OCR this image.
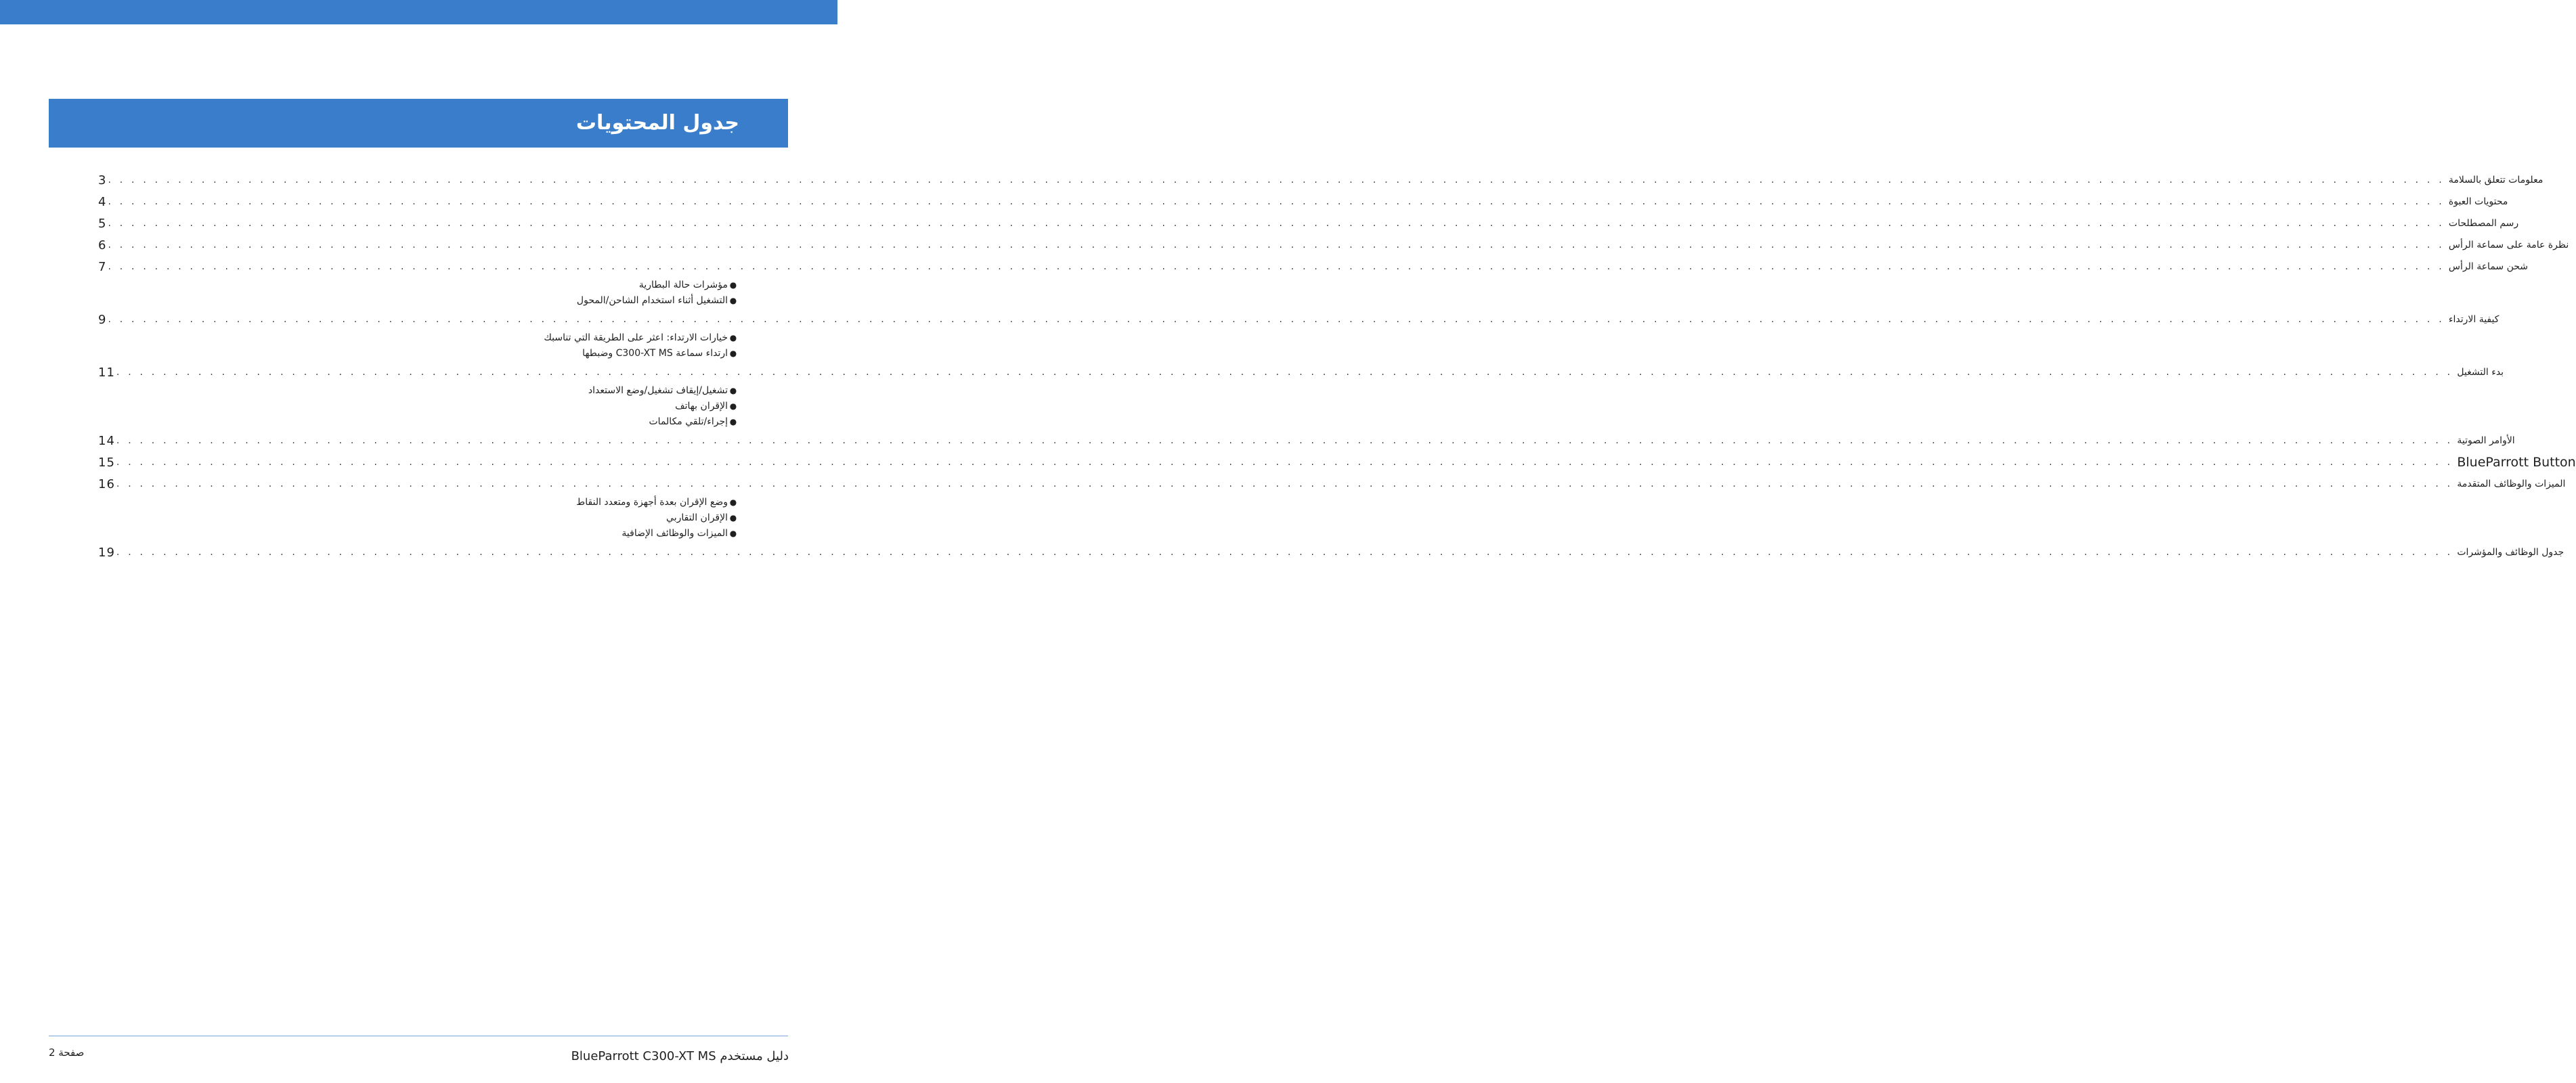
جدول المحتويات
3 . . . . . . . . . . . . . . . . . . . . . . . . . . . . . . . . . . . . . . . . . . . . . . . . . . . . . . . . . . . . . . . . . . . . . . . . . . . . . . . . . . . . . . . . . . . . . . . . . . . . . . . . . . . . . . . . . . . . . . . . . . . . . . . . . . . . . . . . . . . . . . . . . . . . . . . . . . . . . . . . . . . . . . . . . . . . . . . . . . . . . . . . . . . . . . . . . . . . . . . . معلومات تتعلق بالسلامة
4 . . . . . . . . . . . . . . . . . . . . . . . . . . . . . . . . . . . . . . . . . . . . . . . . . . . . . . . . . . . . . . . . . . . . . . . . . . . . . . . . . . . . . . . . . . . . . . . . . . . . . . . . . . . . . . . . . . . . . . . . . . . . . . . . . . . . . . . . . . . . . . . . . . . . . . . . . . . . . . . . . . . . . . . . . . . . . . . . . . . . . . . . . . . . . . . . . . . . . . . . محتويات العبوة
5 . . . . . . . . . . . . . . . . . . . . . . . . . . . . . . . . . . . . . . . . . . . . . . . . . . . . . . . . . . . . . . . . . . . . . . . . . . . . . . . . . . . . . . . . . . . . . . . . . . . . . . . . . . . . . . . . . . . . . . . . . . . . . . . . . . . . . . . . . . . . . . . . . . . . . . . . . . . . . . . . . . . . . . . . . . . . . . . . . . . . . . . . . . . . . . . . . . . . . . . . رسم المصطلحات
6 . . . . . . . . . . . . . . . . . . . . . . . . . . . . . . . . . . . . . . . . . . . . . . . . . . . . . . . . . . . . . . . . . . . . . . . . . . . . . . . . . . . . . . . . . . . . . . . . . . . . . . . . . . . . . . . . . . . . . . . . . . . . . . . . . . . . . . . . . . . . . . . . . . . . . . . . . . . . . . . . . . . . . . . . . . . . . . . . . . . . . . . . . . . . . . . . . . . . . . . . نظرة عامة على سماعة الرأس
7 . . . . . . . . . . . . . . . . . . . . . . . . . . . . . . . . . . . . . . . . . . . . . . . . . . . . . . . . . . . . . . . . . . . . . . . . . . . . . . . . . . . . . . . . . . . . . . . . . . . . . . . . . . . . . . . . . . . . . . . . . . . . . . . . . . . . . . . . . . . . . . . . . . . . . . . . . . . . . . . . . . . . . . . . . . . . . . . . . . . . . . . . . . . . . . . . . . . . . . . . شحن سماعة الرأس
●مؤشرات حالة البطارية
●التشغيل أثناء استخدام الشاحن/المحول
9 . . . . . . . . . . . . . . . . . . . . . . . . . . . . . . . . . . . . . . . . . . . . . . . . . . . . . . . . . . . . . . . . . . . . . . . . . . . . . . . . . . . . . . . . . . . . . . . . . . . . . . . . . . . . . . . . . . . . . . . . . . . . . . . . . . . . . . . . . . . . . . . . . . . . . . . . . . . . . . . . . . . . . . . . . . . . . . . . . . . . . . . . . . . . . . . . . . . . . . . . كيفية الارتداء
●خيارات الارتداء: اعثر على الطريقة التي تناسبك
●ارتداء سماعة C300-XT MS وضبطها
11 . . . . . . . . . . . . . . . . . . . . . . . . . . . . . . . . . . . . . . . . . . . . . . . . . . . . . . . . . . . . . . . . . . . . . . . . . . . . . . . . . . . . . . . . . . . . . . . . . . . . . . . . . . . . . . . . . . . . . . . . . . . . . . . . . . . . . . . . . . . . . . . . . . . . . . . . . . . . . . . . . . . . . . . . . . . . . . . . . . . . . . . . . . . . . . . . . . . . . . . . بدء التشغيل
●تشغيل/إيقاف تشغيل/وضع الاستعداد
●الإقران بهاتف
●إجراء/تلقي مكالمات
14 . . . . . . . . . . . . . . . . . . . . . . . . . . . . . . . . . . . . . . . . . . . . . . . . . . . . . . . . . . . . . . . . . . . . . . . . . . . . . . . . . . . . . . . . . . . . . . . . . . . . . . . . . . . . . . . . . . . . . . . . . . . . . . . . . . . . . . . . . . . . . . . . . . . . . . . . . . . . . . . . . . . . . . . . . . . . . . . . . . . . . . . . . . . . . . . . . . . . . . . . الأوامر الصوتية
15 . . . . . . . . . . . . . . . . . . . . . . . . . . . . . . . . . . . . . . . . . . . . . . . . . . . . . . . . . . . . . . . . . . . . . . . . . . . . . . . . . . . . . . . . . . . . . . . . . . . . . . . . . . . . . . . . . . . . . . . . . . . . . . . . . . . . . . . . . . . . . . . . . . . . . . . . . . . . . . . . . . . . . . . . . . . . . . . . . . . . . . . . . . . . . . . . . . . . . . . . BlueParrott Button
16 . . . . . . . . . . . . . . . . . . . . . . . . . . . . . . . . . . . . . . . . . . . . . . . . . . . . . . . . . . . . . . . . . . . . . . . . . . . . . . . . . . . . . . . . . . . . . . . . . . . . . . . . . . . . . . . . . . . . . . . . . . . . . . . . . . . . . . . . . . . . . . . . . . . . . . . . . . . . . . . . . . . . . . . . . . . . . . . . . . . . . . . . . . . . . . . . . . . . . . . . الميزات والوظائف المتقدمة
●وضع الإقران بعدة أجهزة ومتعدد النقاط
●الإقران التقاربي
●الميزات والوظائف الإضافية
19 . . . . . . . . . . . . . . . . . . . . . . . . . . . . . . . . . . . . . . . . . . . . . . . . . . . . . . . . . . . . . . . . . . . . . . . . . . . . . . . . . . . . . . . . . . . . . . . . . . . . . . . . . . . . . . . . . . . . . . . . . . . . . . . . . . . . . . . . . . . . . . . . . . . . . . . . . . . . . . . . . . . . . . . . . . . . . . . . . . . . . . . . . . . . . . . . . . . . . . . . جدول الوظائف والمؤشرات
صفحة 2	دليل مستخدم BlueParrott C300-XT MS
